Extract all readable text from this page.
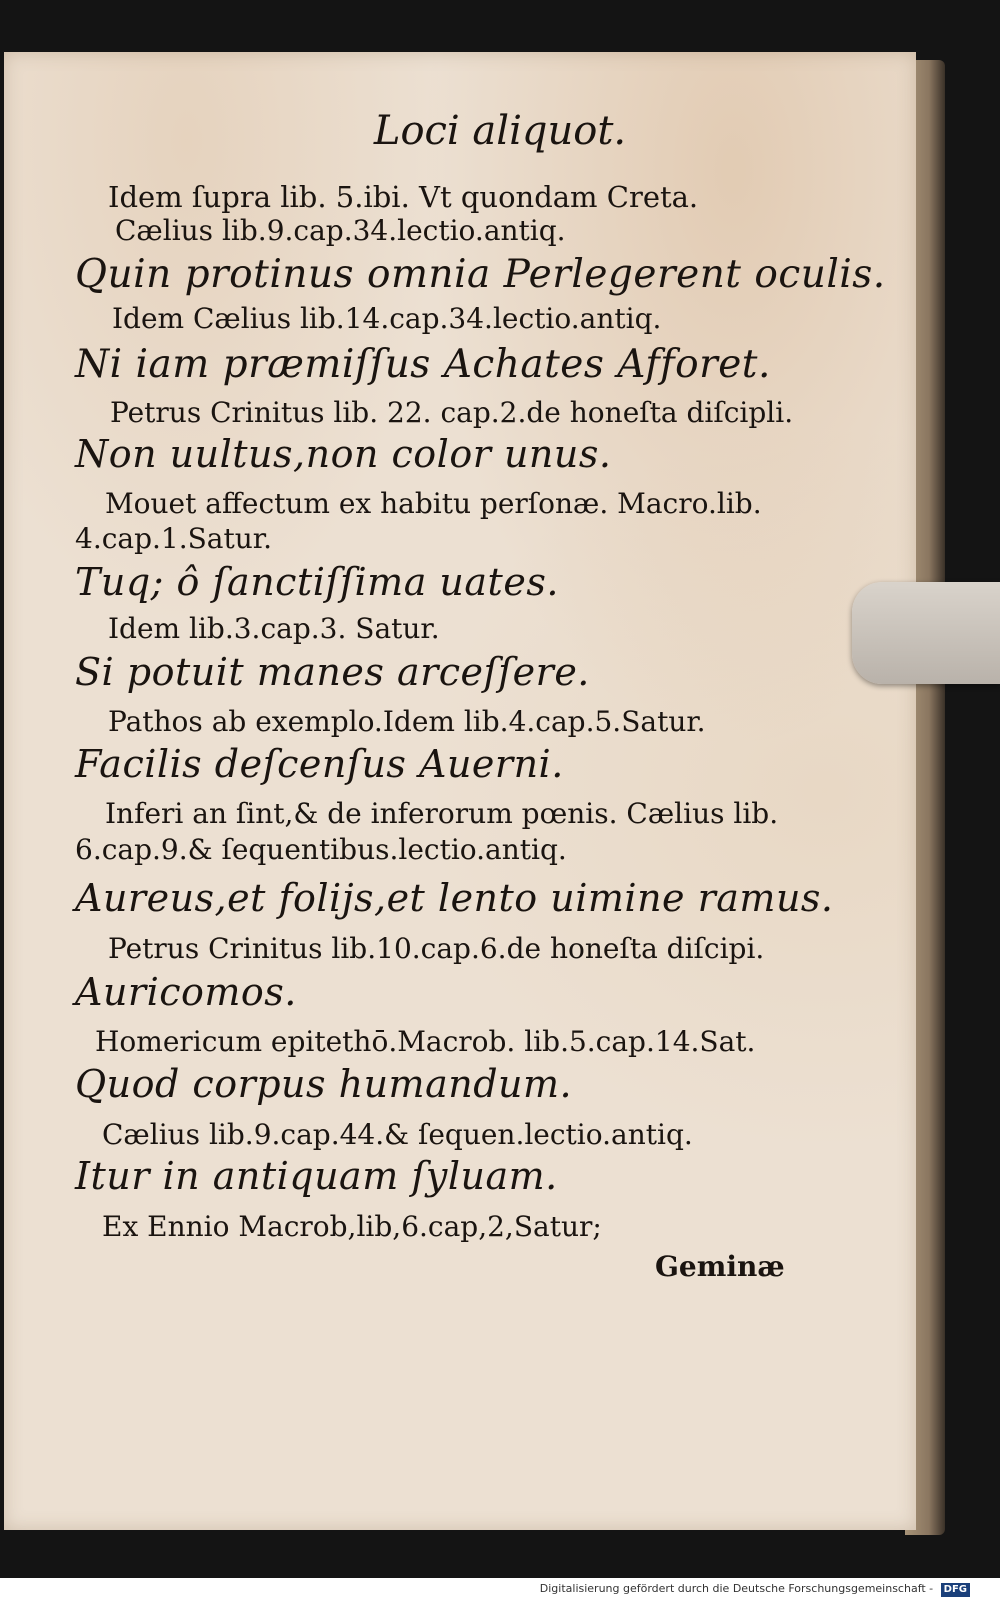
Loci aliquot.
Idem ſupra lib. 5.ibi. Vt quondam Creta.
Cælius lib.9.cap.34.lectio.antiq.
Quin protinus omnia Perlegerent oculis.
Idem Cælius lib.14.cap.34.lectio.antiq.
Ni iam præmiſſus Achates Afforet.
Petrus Crinitus lib. 22. cap.2.de honeſta diſcipli.
Non uultus,non color unus.
Mouet affectum ex habitu perſonæ. Macro.lib.
4.cap.1.Satur.
Tuq; ô ſanctiſſima uates.
Idem lib.3.cap.3. Satur.
Si potuit manes arceſſere.
Pathos ab exemplo.Idem lib.4.cap.5.Satur.
Facilis deſcenſus Auerni.
Inferi an ſint,& de inferorum pœnis. Cælius lib.
6.cap.9.& ſequentibus.lectio.antiq.
Aureus,et folijs,et lento uimine ramus.
Petrus Crinitus lib.10.cap.6.de honeſta diſcipi.
Auricomos.
Homericum epitethō.Macrob. lib.5.cap.14.Sat.
Quod corpus humandum.
Cælius lib.9.cap.44.& ſequen.lectio.antiq.
Itur in antiquam ſyluam.
Ex Ennio Macrob,lib,6.cap,2,Satur;
Geminæ
Digitalisierung gefördert durch die Deutsche Forschungsgemeinschaft - DFG
